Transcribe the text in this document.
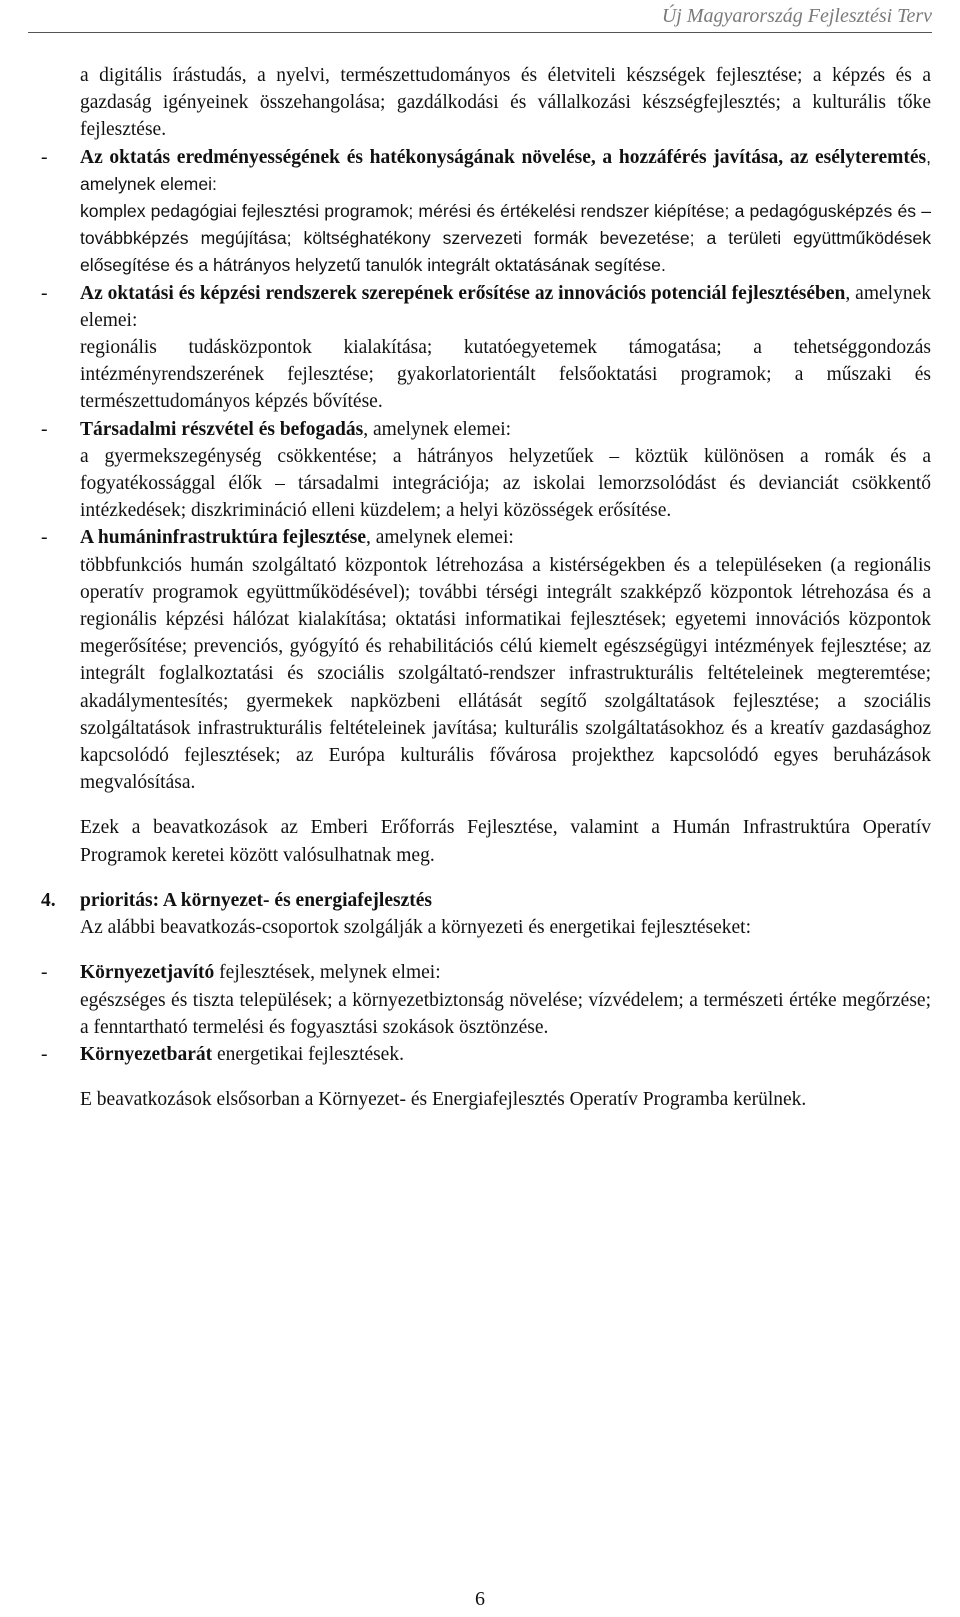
Új Magyarország Fejlesztési Terv
a digitális írástudás, a nyelvi, természettudományos és életviteli készségek fejlesztése; a képzés és a gazdaság igényeinek összehangolása; gazdálkodási és vállalkozási készségfejlesztés; a kulturális tőke fejlesztése.
- Az oktatás eredményességének és hatékonyságának növelése, a hozzáférés javítása, az esélyteremtés, amelynek elemei:
komplex pedagógiai fejlesztési programok; mérési és értékelési rendszer kiépítése; a pedagógusképzés és –továbbképzés megújítása; költséghatékony szervezeti formák bevezetése; a területi együttműködések elősegítése és a hátrányos helyzetű tanulók integrált oktatásának segítése.
- Az oktatási és képzési rendszerek szerepének erősítése az innovációs potenciál fejlesztésében, amelynek elemei:
regionális tudásközpontok kialakítása; kutatóegyetemek támogatása; a tehetséggondozás intézményrendszerének fejlesztése; gyakorlatorientált felsőoktatási programok; a műszaki és természettudományos képzés bővítése.
- Társadalmi részvétel és befogadás, amelynek elemei:
a gyermekszegénység csökkentése; a hátrányos helyzetűek – köztük különösen a romák és a fogyatékossággal élők – társadalmi integrációja; az iskolai lemorzsolódást és devianciát csökkentő intézkedések; diszkrimináció elleni küzdelem; a helyi közösségek erősítése.
- A humáninfrastruktúra fejlesztése, amelynek elemei:
többfunkciós humán szolgáltató központok létrehozása a kistérségekben és a településeken (a regionális operatív programok együttműködésével); további térségi integrált szakképző központok létrehozása és a regionális képzési hálózat kialakítása; oktatási informatikai fejlesztések; egyetemi innovációs központok megerősítése; prevenciós, gyógyító és rehabilitációs célú kiemelt egészségügyi intézmények fejlesztése; az integrált foglalkoztatási és szociális szolgáltató-rendszer infrastrukturális feltételeinek megteremtése; akadálymentesítés; gyermekek napközbeni ellátását segítő szolgáltatások fejlesztése; a szociális szolgáltatások infrastrukturális feltételeinek javítása; kulturális szolgáltatásokhoz és a kreatív gazdasághoz kapcsolódó fejlesztések; az Európa kulturális fővárosa projekthez kapcsolódó egyes beruházások megvalósítása.
Ezek a beavatkozások az Emberi Erőforrás Fejlesztése, valamint a Humán Infrastruktúra Operatív Programok keretei között valósulhatnak meg.
4. prioritás: A környezet- és energiafejlesztés
Az alábbi beavatkozás-csoportok szolgálják a környezeti és energetikai fejlesztéseket:
- Környezetjavító fejlesztések, melynek elmei:
egészséges és tiszta települések; a környezetbiztonság növelése; vízvédelem; a természeti értéke megőrzése; a fenntartható termelési és fogyasztási szokások ösztönzése.
- Környezetbarát energetikai fejlesztések.
E beavatkozások elsősorban a Környezet- és Energiafejlesztés Operatív Programba kerülnek.
6
